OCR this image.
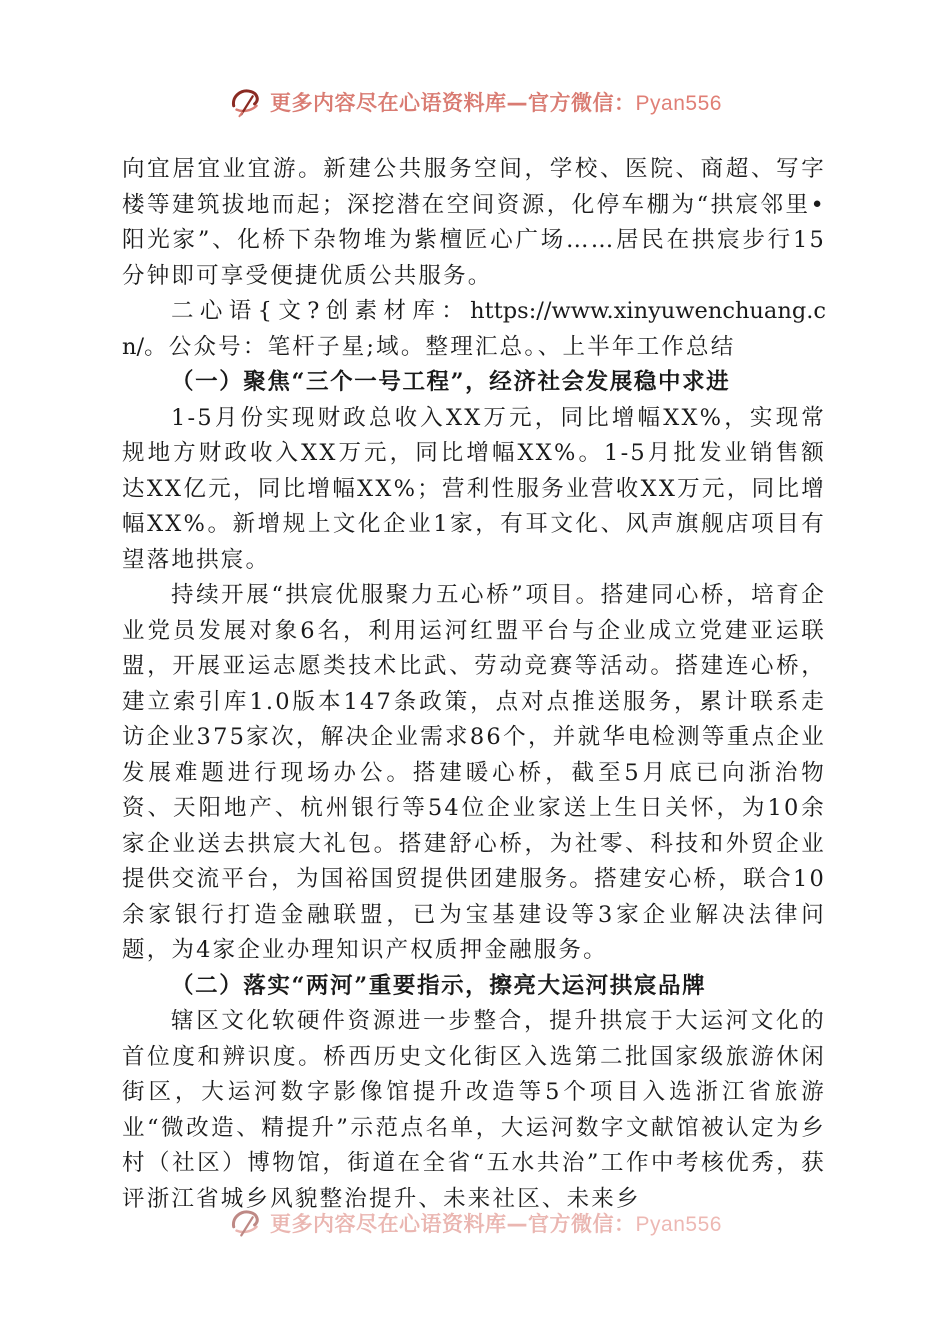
更多内容尽在心语资料库—官方微信：Pyan556

向宜居宜业宜游。新建公共服务空间，学校、医院、商超、写字楼等建筑拔地而起；深挖潜在空间资源，化停车棚为“拱宸邻里•阳光家”、化桥下杂物堆为紫檀匠心广场……居民在拱宸步行15分钟即可享受便捷优质公共服务。

二心语{文?创素材库：https://www.xinyuwenchuang.cn/。公众号：笔杆子星;域。整理汇总。、上半年工作总结

（一）聚焦“三个一号工程”，经济社会发展稳中求进

1-5月份实现财政总收入XX万元，同比增幅XX%，实现常规地方财政收入XX万元，同比增幅XX%。1-5月批发业销售额达XX亿元，同比增幅XX%；营利性服务业营收XX万元，同比增幅XX%。新增规上文化企业1家，有耳文化、风声旗舰店项目有望落地拱宸。

持续开展“拱宸优服聚力五心桥”项目。搭建同心桥，培育企业党员发展对象6名，利用运河红盟平台与企业成立党建亚运联盟，开展亚运志愿类技术比武、劳动竞赛等活动。搭建连心桥，建立索引库1.0版本147条政策，点对点推送服务，累计联系走访企业375家次，解决企业需求86个，并就华电检测等重点企业发展难题进行现场办公。搭建暖心桥，截至5月底已向浙治物资、天阳地产、杭州银行等54位企业家送上生日关怀，为10余家企业送去拱宸大礼包。搭建舒心桥，为社零、科技和外贸企业提供交流平台，为国裕国贸提供团建服务。搭建安心桥，联合10余家银行打造金融联盟，已为宝基建设等3家企业解决法律问题，为4家企业办理知识产权质押金融服务。

（二）落实“两河”重要指示，擦亮大运河拱宸品牌

辖区文化软硬件资源进一步整合，提升拱宸于大运河文化的首位度和辨识度。桥西历史文化街区入选第二批国家级旅游休闲街区，大运河数字影像馆提升改造等5个项目入选浙江省旅游业“微改造、精提升”示范点名单，大运河数字文献馆被认定为乡村（社区）博物馆，街道在全省“五水共治”工作中考核优秀，获评浙江省城乡风貌整治提升、未来社区、未来乡

更多内容尽在心语资料库—官方微信：Pyan556
